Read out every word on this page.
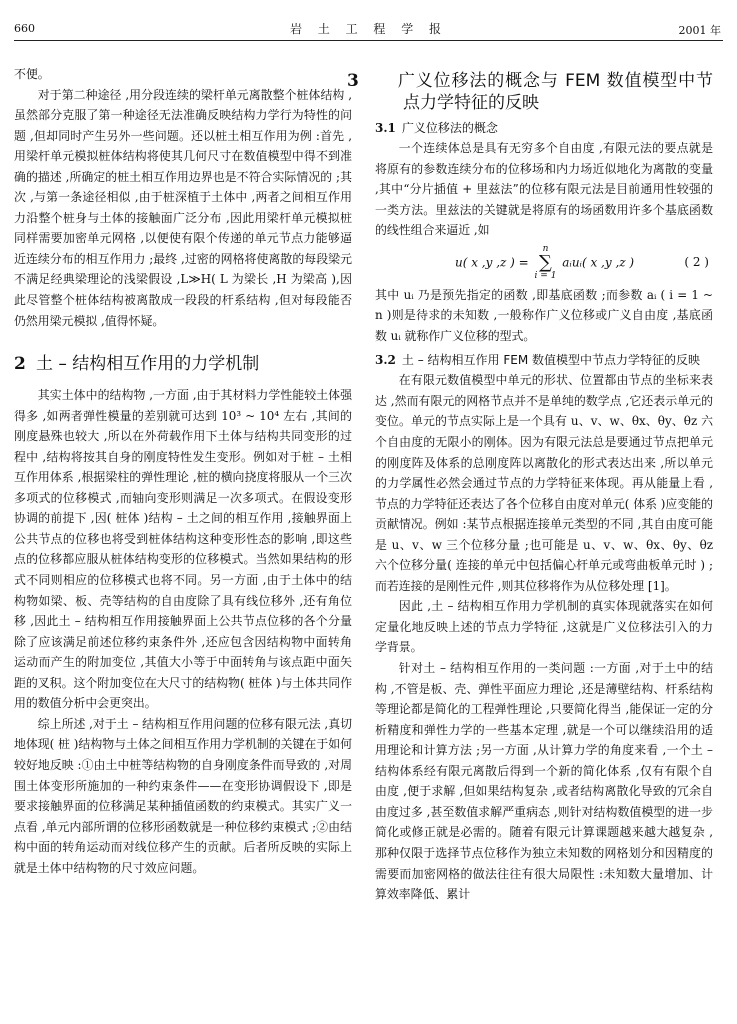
660	岩 土 工 程 学 报	2001 年

不便。

对于第二种途径 ,用分段连续的梁杆单元离散整个桩体结构 ,虽然部分克服了第一种途径无法准确反映结构力学行为特性的问题 ,但却同时产生另外一些问题。还以桩土相互作用为例 :首先 ,用梁杆单元模拟桩体结构将使其几何尺寸在数值模型中得不到准确的描述 ,所确定的桩土相互作用边界也是不符合实际情况的 ;其次 ,与第一条途径相似 ,由于桩深植于土体中 ,两者之间相互作用力沿整个桩身与土体的接触面广泛分布 ,因此用梁杆单元模拟桩同样需要加密单元网格 ,以便使有限个传递的单元节点力能够逼近连续分布的相互作用力 ;最终 ,过密的网格将使离散的每段梁元不满足经典梁理论的浅梁假设 ,L≫H( L 为梁长 ,H 为梁高 ),因此尽管整个桩体结构被离散成一段段的杆系结构 ,但对每段能否仍然用梁元模拟 ,值得怀疑。

2 土 – 结构相互作用的力学机制

其实土体中的结构物 ,一方面 ,由于其材料力学性能较土体强得多 ,如两者弹性模量的差别就可达到 10³ ~ 10⁴ 左右 ,其间的刚度悬殊也较大 ,所以在外荷载作用下土体与结构共同变形的过程中 ,结构将按其自身的刚度特性发生变形。例如对于桩 – 土相互作用体系 ,根据梁柱的弹性理论 ,桩的横向挠度将服从一个三次多项式的位移模式 ,而轴向变形则满足一次多项式。在假设变形协调的前提下 ,因( 桩体 )结构 – 土之间的相互作用 ,接触界面上公共节点的位移也将受到桩体结构这种变形性态的影响 ,即这些点的位移都应服从桩体结构变形的位移模式。当然如果结构的形式不同则相应的位移模式也将不同。另一方面 ,由于土体中的结构物如梁、板、壳等结构的自由度除了具有线位移外 ,还有角位移 ,因此土 – 结构相互作用接触界面上公共节点位移的各个分量除了应该满足前述位移约束条件外 ,还应包含因结构物中面转角运动而产生的附加变位 ,其值大小等于中面转角与该点距中面矢距的叉积。这个附加变位在大尺寸的结构物( 桩体 )与土体共同作用的数值分析中会更突出。

综上所述 ,对于土 – 结构相互作用问题的位移有限元法 ,真切地体现( 桩 )结构物与土体之间相互作用力学机制的关键在于如何较好地反映 :①由土中桩等结构物的自身刚度条件而导致的 ,对周围土体变形所施加的一种约束条件——在变形协调假设下 ,即是要求接触界面的位移满足某种插值函数的约束模式。其实广义一点看 ,单元内部所谓的位移形函数就是一种位移约束模式 ;②由结构中面的转角运动而对线位移产生的贡献。后者所反映的实际上就是土体中结构物的尺寸效应问题。

3 广义位移法的概念与 FEM 数值模型中节点力学特征的反映
3.1 广义位移法的概念

一个连续体总是具有无穷多个自由度 ,有限元法的要点就是将原有的参数连续分布的位移场和内力场近似地化为离散的变量 ,其中“分片插值 + 里兹法”的位移有限元法是目前通用性较强的一类方法。里兹法的关键就是将原有的场函数用许多个基底函数的线性组合来逼近 ,如

u( x ,y ,z ) =
n
∑
i = 1
aᵢuᵢ( x ,y ,z )	( 2 )

其中 uᵢ 乃是预先指定的函数 ,即基底函数 ;而参数 aᵢ ( i = 1 ~ n )则是待求的未知数 ,一般称作广义位移或广义自由度 ,基底函数 uᵢ 就称作广义位移的型式。

3.2 土 – 结构相互作用 FEM 数值模型中节点力学特征的反映

在有限元数值模型中单元的形状、位置都由节点的坐标来表达 ,然而有限元的网格节点并不是单纯的数学点 ,它还表示单元的变位。单元的节点实际上是一个具有 u、v、w、θx、θy、θz 六个自由度的无限小的刚体。因为有限元法总是要通过节点把单元的刚度阵及体系的总刚度阵以离散化的形式表达出来 ,所以单元的力学属性必然会通过节点的力学特征来体现。再从能量上看 ,节点的力学特征还表达了各个位移自由度对单元( 体系 )应变能的贡献情况。例如 :某节点根据连接单元类型的不同 ,其自由度可能是 u、v、w 三个位移分量 ;也可能是 u、v、w、θx、θy、θz 六个位移分量( 连接的单元中包括偏心杆单元或弯曲板单元时 ) ;而若连接的是刚性元件 ,则其位移将作为从位移处理 [1]。

因此 ,土 – 结构相互作用力学机制的真实体现就落实在如何定量化地反映上述的节点力学特征 ,这就是广义位移法引入的力学背景。

针对土 – 结构相互作用的一类问题 :一方面 ,对于土中的结构 ,不管是板、壳、弹性平面应力理论 ,还是薄壁结构、杆系结构等理论都是简化的工程弹性理论 ,只要简化得当 ,能保证一定的分析精度和弹性力学的一些基本定理 ,就是一个可以继续沿用的适用理论和计算方法 ;另一方面 ,从计算力学的角度来看 ,一个土 – 结构体系经有限元离散后得到一个新的简化体系 ,仅有有限个自由度 ,便于求解 ,但如果结构复杂 ,或者结构离散化导致的冗余自由度过多 ,甚至数值求解严重病态 ,则针对结构数值模型的进一步简化或修正就是必需的。随着有限元计算课题越来越大越复杂 ,那种仅限于选择节点位移作为独立未知数的网格划分和因精度的需要而加密网格的做法往往有很大局限性 :未知数大量增加、计算效率降低、累计
